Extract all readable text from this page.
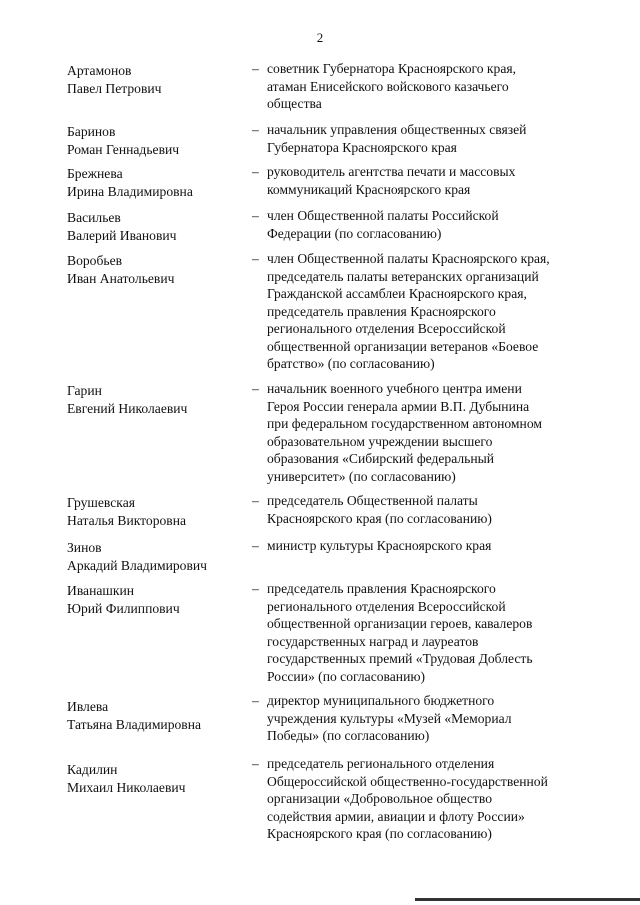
2
Артамонов
Павел Петрович
– советник Губернатора Красноярского края,
атаман Енисейского войскового казачьего
общества
Баринов
Роман Геннадьевич
– начальник управления общественных связей
Губернатора Красноярского края
Брежнева
Ирина Владимировна
– руководитель агентства печати и массовых
коммуникаций Красноярского края
Васильев
Валерий Иванович
– член Общественной палаты Российской
Федерации (по согласованию)
Воробьев
Иван Анатольевич
– член Общественной палаты Красноярского края,
председатель палаты ветеранских организаций
Гражданской ассамблеи Красноярского края,
председатель правления Красноярского
регионального отделения Всероссийской
общественной организации ветеранов «Боевое
братство» (по согласованию)
Гарин
Евгений Николаевич
– начальник военного учебного центра имени
Героя России генерала армии В.П. Дубынина
при федеральном государственном автономном
образовательном учреждении высшего
образования «Сибирский федеральный
университет» (по согласованию)
Грушевская
Наталья Викторовна
– председатель Общественной палаты
Красноярского края (по согласованию)
Зинов
Аркадий Владимирович
– министр культуры Красноярского края
Иванашкин
Юрий Филиппович
– председатель правления Красноярского
регионального отделения Всероссийской
общественной организации героев, кавалеров
государственных наград и лауреатов
государственных премий «Трудовая Доблесть
России» (по согласованию)
Ивлева
Татьяна Владимировна
– директор муниципального бюджетного
учреждения культуры «Музей «Мемориал
Победы» (по согласованию)
Кадилин
Михаил Николаевич
– председатель регионального отделения
Общероссийской общественно-государственной
организации «Добровольное общество
содействия армии, авиации и флоту России»
Красноярского края (по согласованию)
